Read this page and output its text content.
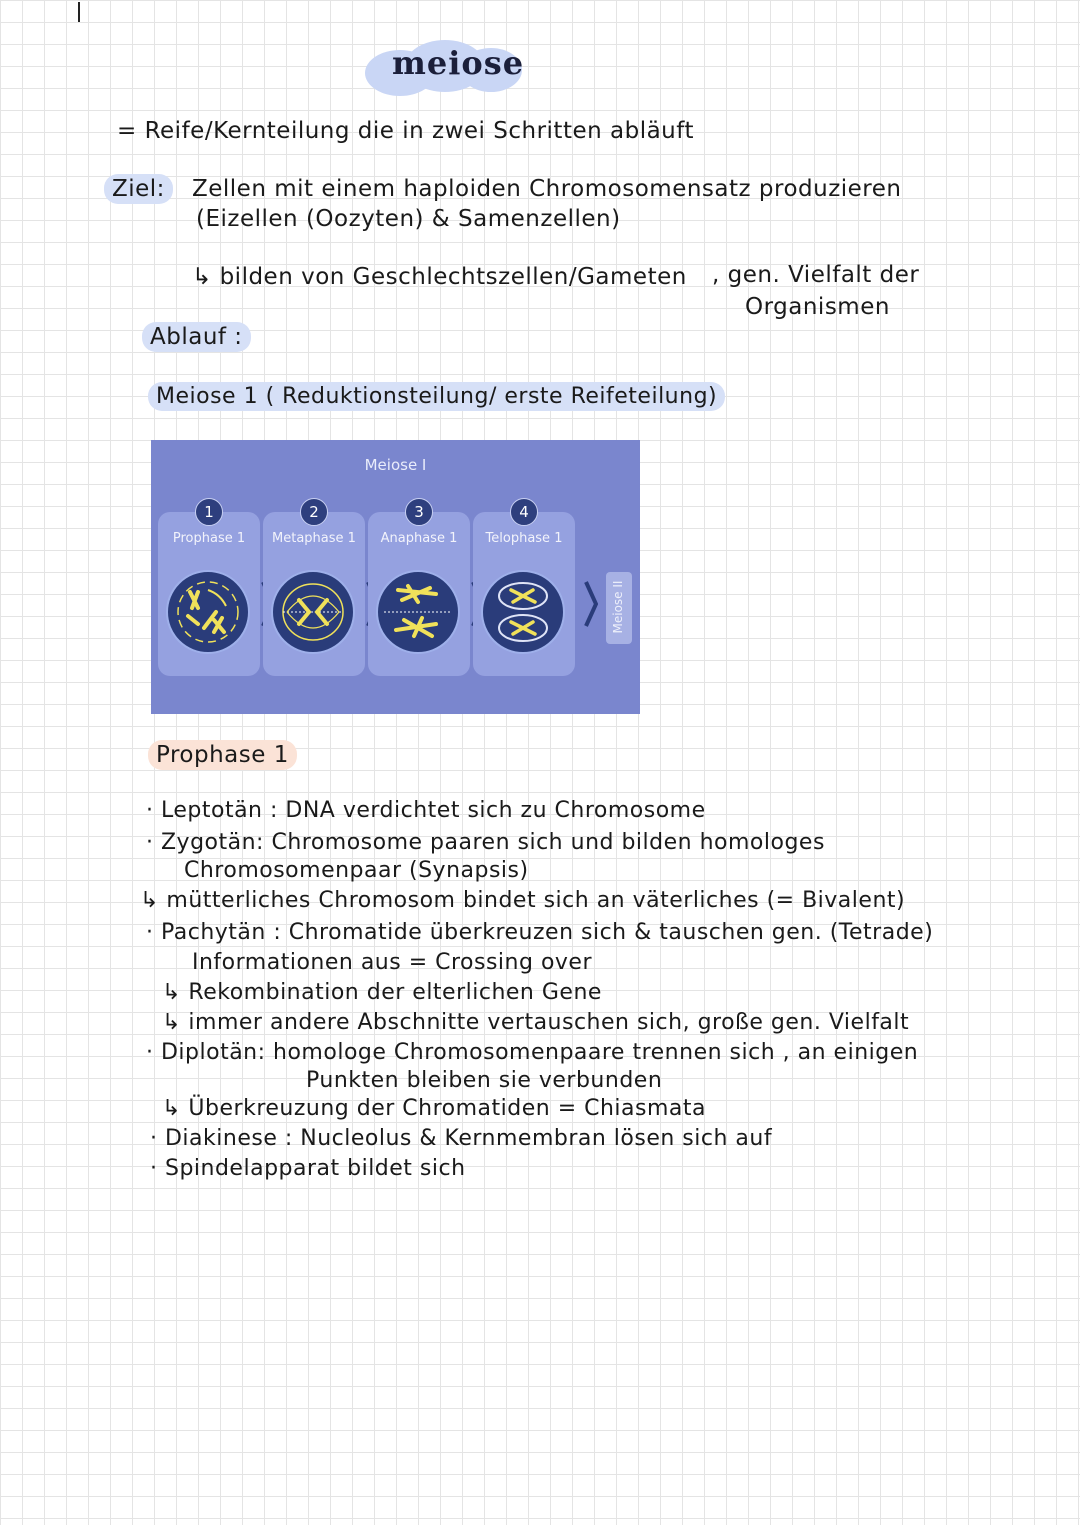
meiose
= Reife/Kernteilung die in zwei Schritten abläuft
Ziel:	Zellen mit einem haploiden Chromosomensatz produzieren
(Eizellen (Oozyten) & Samenzellen)
↳ bilden von Geschlechtszellen/Gameten , gen. Vielfalt der
Organismen
Ablauf :
Meiose 1 ( Reduktionsteilung/ erste Reifeteilung)
Meiose I
1
Prophase 1
2
Metaphase 1
3
Anaphase 1
4
Telophase 1
Meiose II
Prophase 1
· Leptotän : DNA verdichtet sich zu Chromosome
· Zygotän: Chromosome paaren sich und bilden homologes
Chromosomenpaar (Synapsis)
↳ mütterliches Chromosom bindet sich an väterliches (= Bivalent)
· Pachytän : Chromatide überkreuzen sich & tauschen gen. (Tetrade)
Informationen aus = Crossing over
↳ Rekombination der elterlichen Gene
↳ immer andere Abschnitte vertauschen sich, große gen. Vielfalt
· Diplotän: homologe Chromosomenpaare trennen sich , an einigen
Punkten bleiben sie verbunden
↳ Überkreuzung der Chromatiden = Chiasmata
· Diakinese : Nucleolus & Kernmembran lösen sich auf
· Spindelapparat bildet sich
